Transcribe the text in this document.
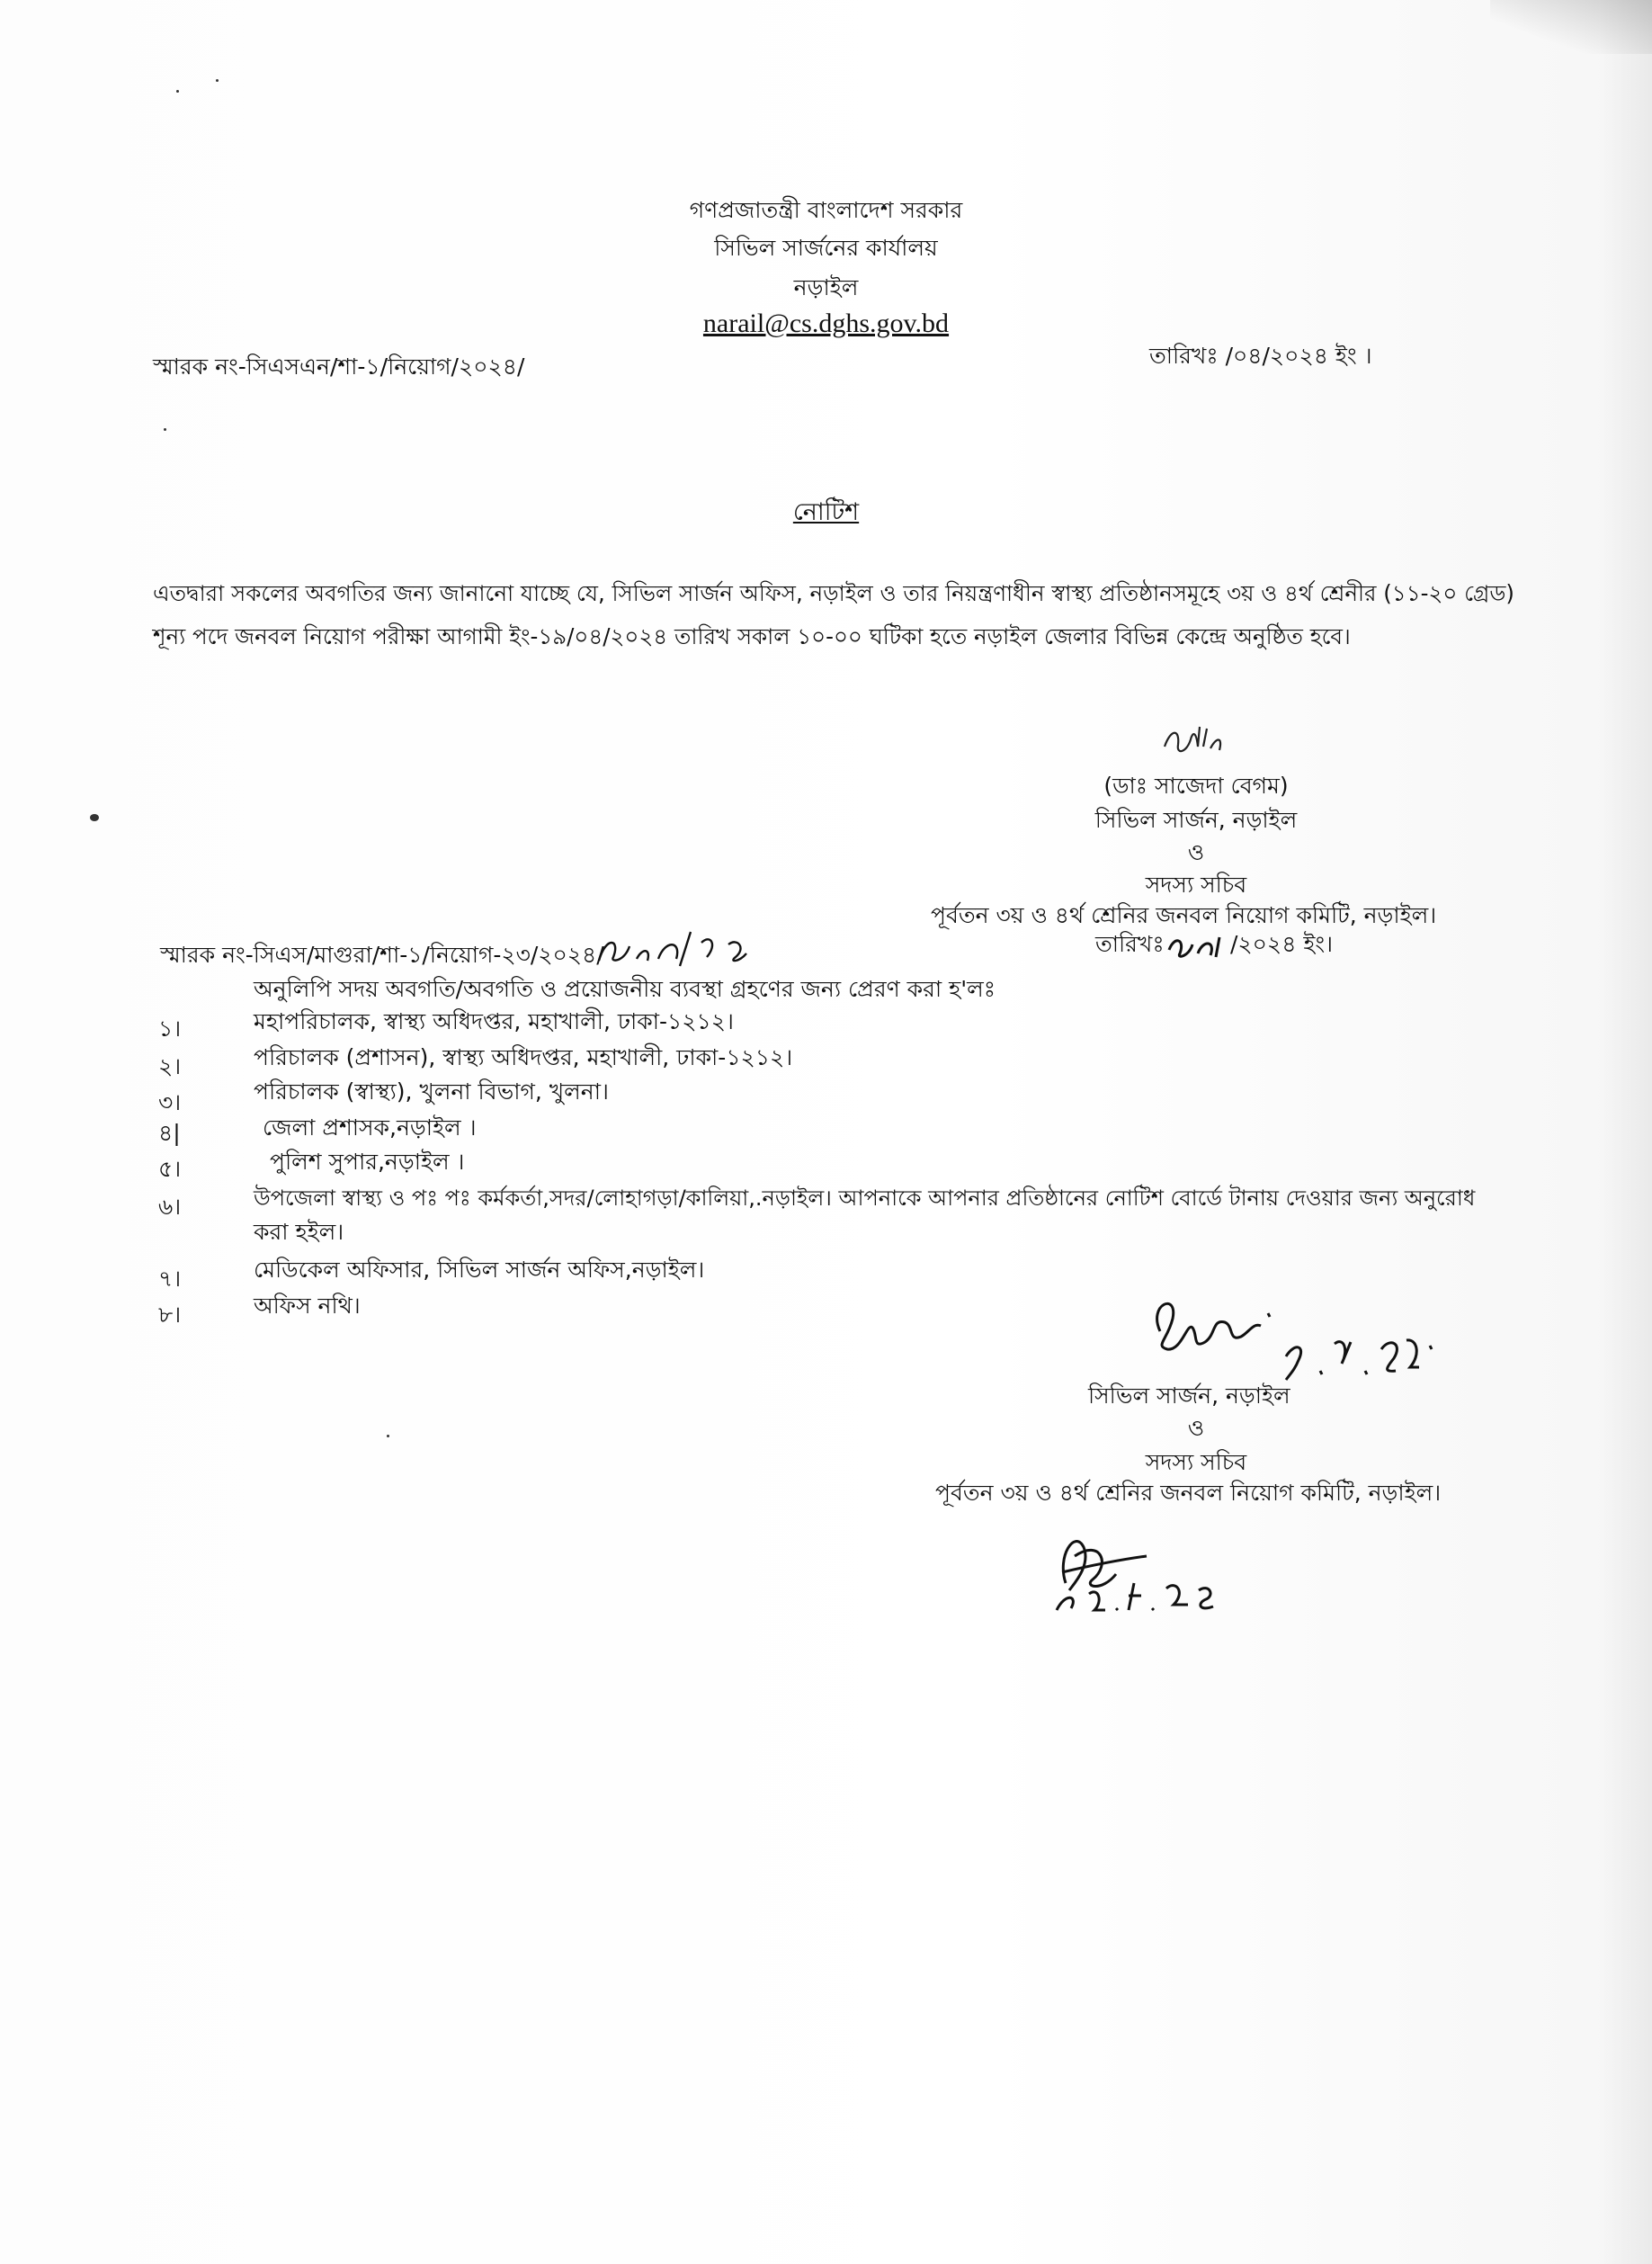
গণপ্রজাতন্ত্রী বাংলাদেশ সরকার
সিভিল সার্জনের কার্যালয়
নড়াইল
narail@cs.dghs.gov.bd
স্মারক নং-সিএসএন/শা-১/নিয়োগ/২০২৪/	তারিখঃ /০৪/২০২৪ ইং ।
নোটিশ
এতদ্বারা সকলের অবগতির জন্য জানানো যাচ্ছে যে, সিভিল সার্জন অফিস, নড়াইল ও তার নিয়ন্ত্রণাধীন স্বাস্থ্য প্রতিষ্ঠানসমূহে ৩য় ও ৪র্থ শ্রেনীর (১১-২০ গ্রেড)
শূন্য পদে জনবল নিয়োগ পরীক্ষা আগামী ইং-১৯/০৪/২০২৪ তারিখ সকাল ১০-০০ ঘটিকা হতে নড়াইল জেলার বিভিন্ন কেন্দ্রে অনুষ্ঠিত হবে।
(ডাঃ সাজেদা বেগম)
সিভিল সার্জন, নড়াইল
ও
সদস্য সচিব
পূর্বতন ৩য় ও ৪র্থ শ্রেনির জনবল নিয়োগ কমিটি, নড়াইল।
স্মারক নং-সিএস/মাগুরা/শা-১/নিয়োগ-২৩/২০২৪/	তারিখঃ	/২০২৪ ইং।
অনুলিপি সদয় অবগতি/অবগতি ও প্রয়োজনীয় ব্যবস্থা গ্রহণের জন্য প্রেরণ করা হ'লঃ
১।	মহাপরিচালক, স্বাস্থ্য অধিদপ্তর, মহাখালী, ঢাকা-১২১২।
২।	পরিচালক (প্রশাসন), স্বাস্থ্য অধিদপ্তর, মহাখালী, ঢাকা-১২১২।
৩।	পরিচালক (স্বাস্থ্য), খুলনা বিভাগ, খুলনা।
৪|	জেলা প্রশাসক,নড়াইল ।
৫।	পুলিশ সুপার,নড়াইল ।
৬।	উপজেলা স্বাস্থ্য ও পঃ পঃ কর্মকর্তা,সদর/লোহাগড়া/কালিয়া,.নড়াইল। আপনাকে আপনার প্রতিষ্ঠানের নোটিশ বোর্ডে টানায় দেওয়ার জন্য অনুরোধ
করা হইল।
৭।	মেডিকেল অফিসার, সিভিল সার্জন অফিস,নড়াইল।
৮।	অফিস নথি।
সিভিল সার্জন, নড়াইল
ও
সদস্য সচিব
পূর্বতন ৩য় ও ৪র্থ শ্রেনির জনবল নিয়োগ কমিটি, নড়াইল।
